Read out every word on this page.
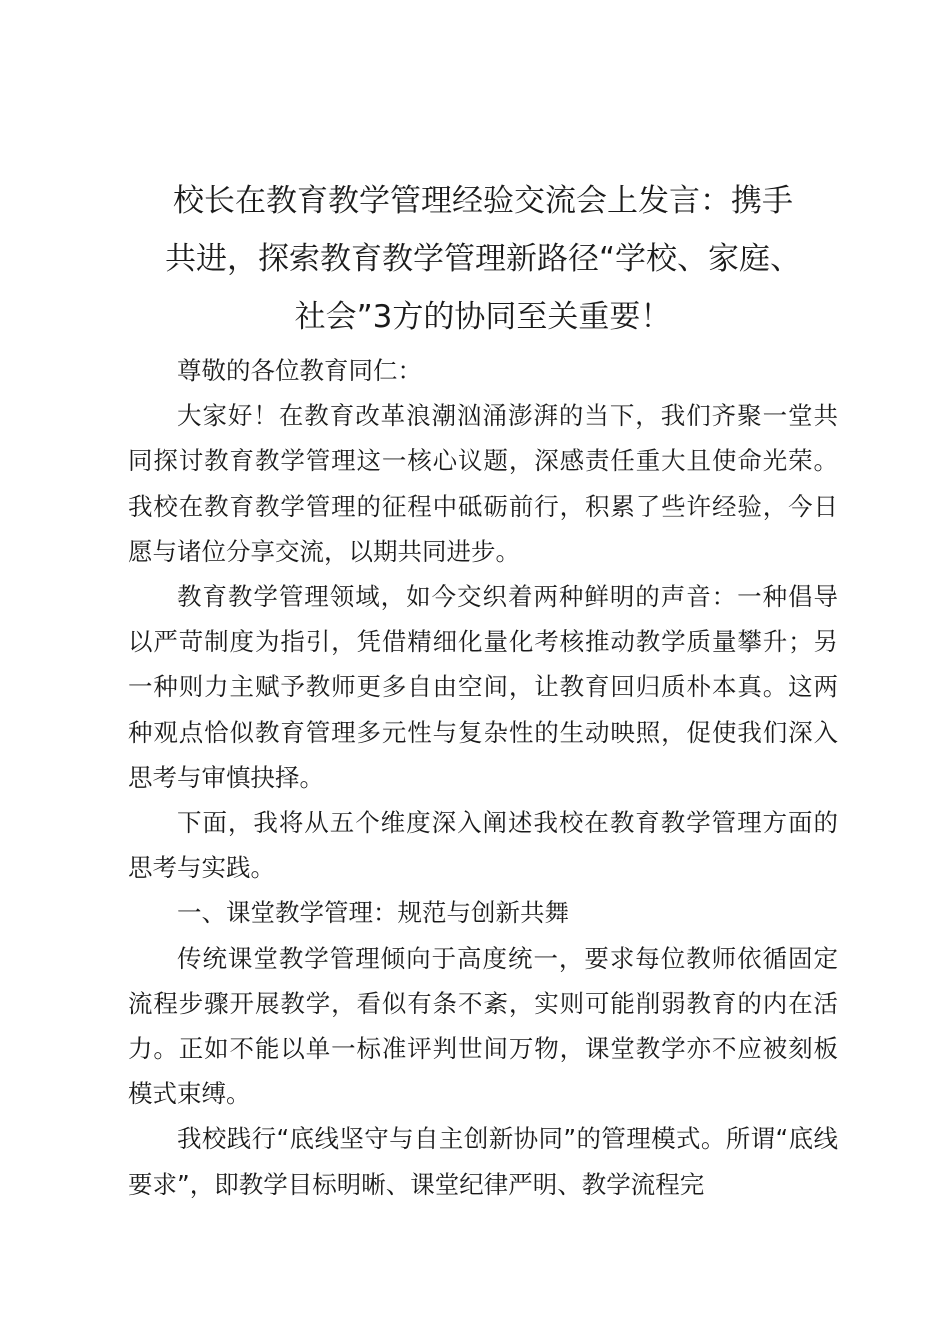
校长在教育教学管理经验交流会上发言：携手
共进，探索教育教学管理新路径“学校、家庭、
社会”3方的协同至关重要！

尊敬的各位教育同仁：

大家好！在教育改革浪潮汹涌澎湃的当下，我们齐聚一堂共同探讨教育教学管理这一核心议题，深感责任重大且使命光荣。我校在教育教学管理的征程中砥砺前行，积累了些许经验，今日愿与诸位分享交流，以期共同进步。

教育教学管理领域，如今交织着两种鲜明的声音：一种倡导以严苛制度为指引，凭借精细化量化考核推动教学质量攀升；另一种则力主赋予教师更多自由空间，让教育回归质朴本真。这两种观点恰似教育管理多元性与复杂性的生动映照，促使我们深入思考与审慎抉择。

下面，我将从五个维度深入阐述我校在教育教学管理方面的思考与实践。

一、课堂教学管理：规范与创新共舞

传统课堂教学管理倾向于高度统一，要求每位教师依循固定流程步骤开展教学，看似有条不紊，实则可能削弱教育的内在活力。正如不能以单一标准评判世间万物，课堂教学亦不应被刻板模式束缚。

我校践行“底线坚守与自主创新协同”的管理模式。所谓“底线要求”，即教学目标明晰、课堂纪律严明、教学流程完
